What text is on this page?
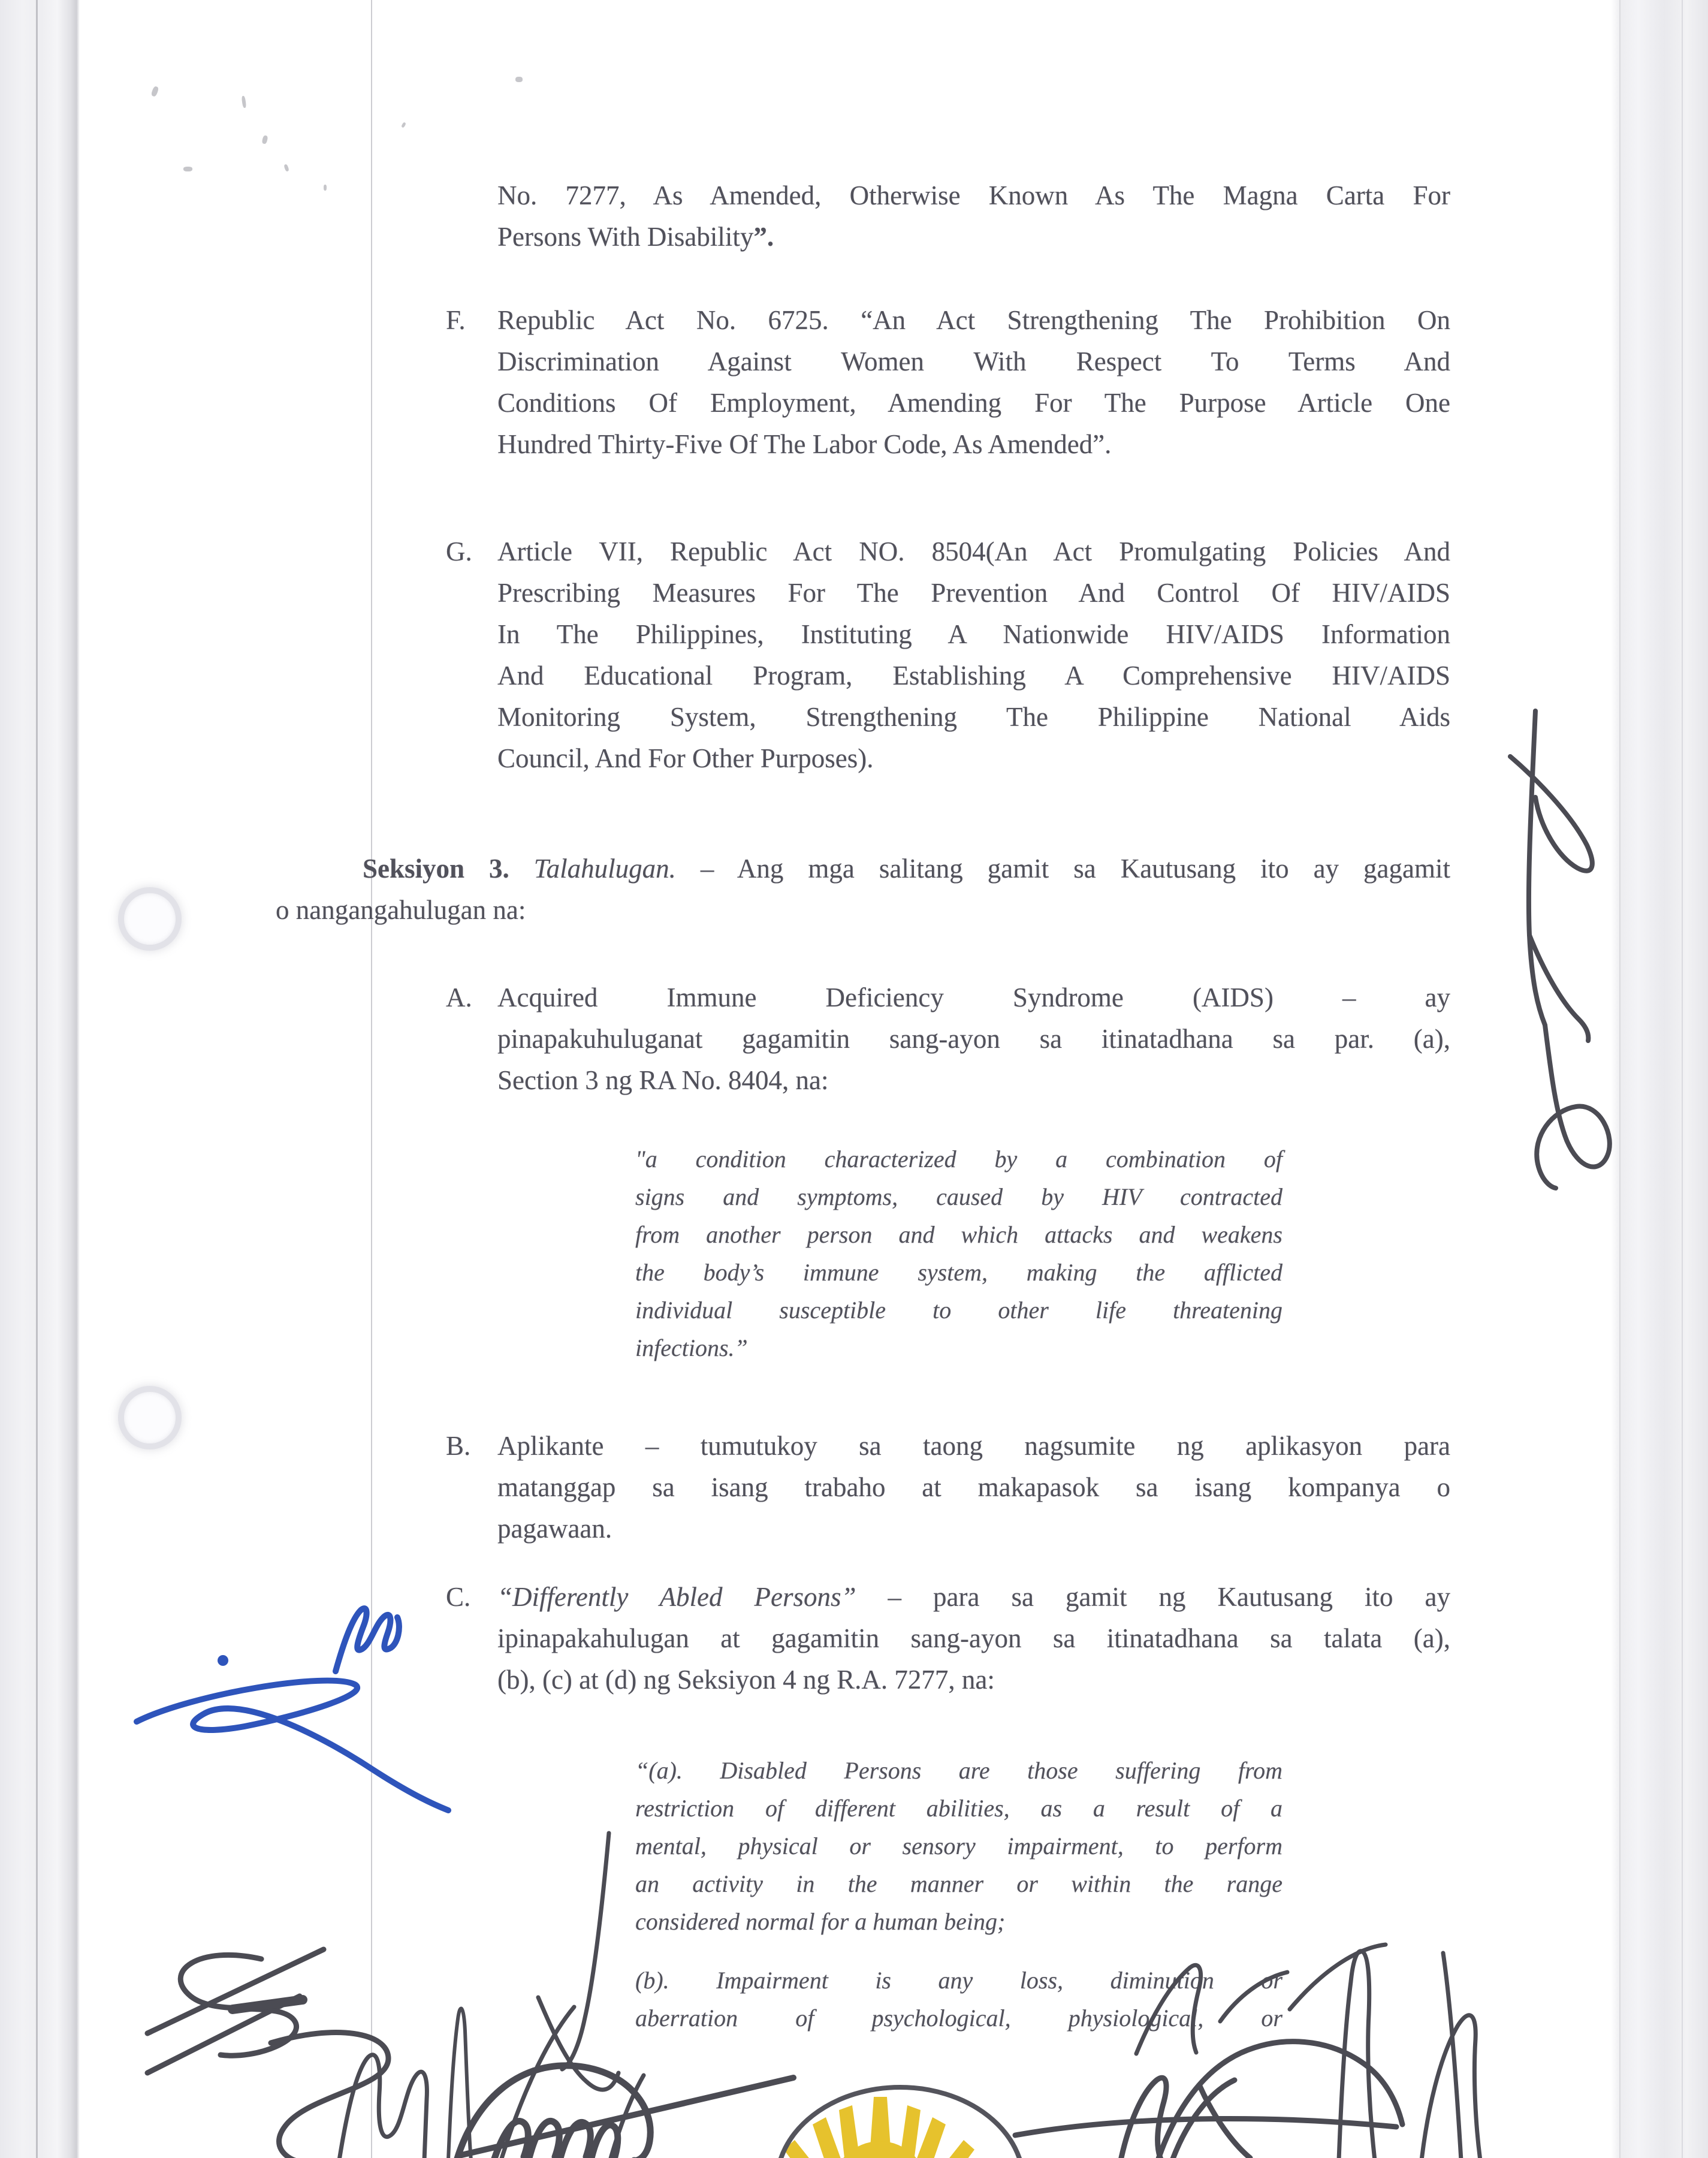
No. 7277, As Amended, Otherwise Known As The Magna Carta For
Persons With Disability”.
F. Republic Act No. 6725. “An Act Strengthening The Prohibition On
Discrimination Against Women With Respect To Terms And
Conditions Of Employment, Amending For The Purpose Article One
Hundred Thirty-Five Of The Labor Code, As Amended”.
G. Article VII, Republic Act NO. 8504(An Act Promulgating Policies And
Prescribing Measures For The Prevention And Control Of HIV/AIDS
In The Philippines, Instituting A Nationwide HIV/AIDS Information
And Educational Program, Establishing A Comprehensive HIV/AIDS
Monitoring System, Strengthening The Philippine National Aids
Council, And For Other Purposes).
Seksiyon 3. Talahulugan. – Ang mga salitang gamit sa Kautusang ito ay gagamit
o nangangahulugan na:
A. Acquired Immune Deficiency Syndrome (AIDS) – ay
pinapakuhuluganat gagamitin sang-ayon sa itinatadhana sa par. (a),
Section 3 ng RA No. 8404, na:
"a condition characterized by a combination of
signs and symptoms, caused by HIV contracted
from another person and which attacks and weakens
the body’s immune system, making the afflicted
individual susceptible to other life threatening
infections.”
B. Aplikante – tumutukoy sa taong nagsumite ng aplikasyon para
matanggap sa isang trabaho at makapasok sa isang kompanya o
pagawaan.
C. “Differently Abled Persons” – para sa gamit ng Kautusang ito ay
ipinapakahulugan at gagamitin sang-ayon sa itinatadhana sa talata (a),
(b), (c) at (d) ng Seksiyon 4 ng R.A. 7277, na:
“(a). Disabled Persons are those suffering from
restriction of different abilities, as a result of a
mental, physical or sensory impairment, to perform
an activity in the manner or within the range
considered normal for a human being;
(b). Impairment is any loss, diminution or
aberration of psychological, physiological, or
